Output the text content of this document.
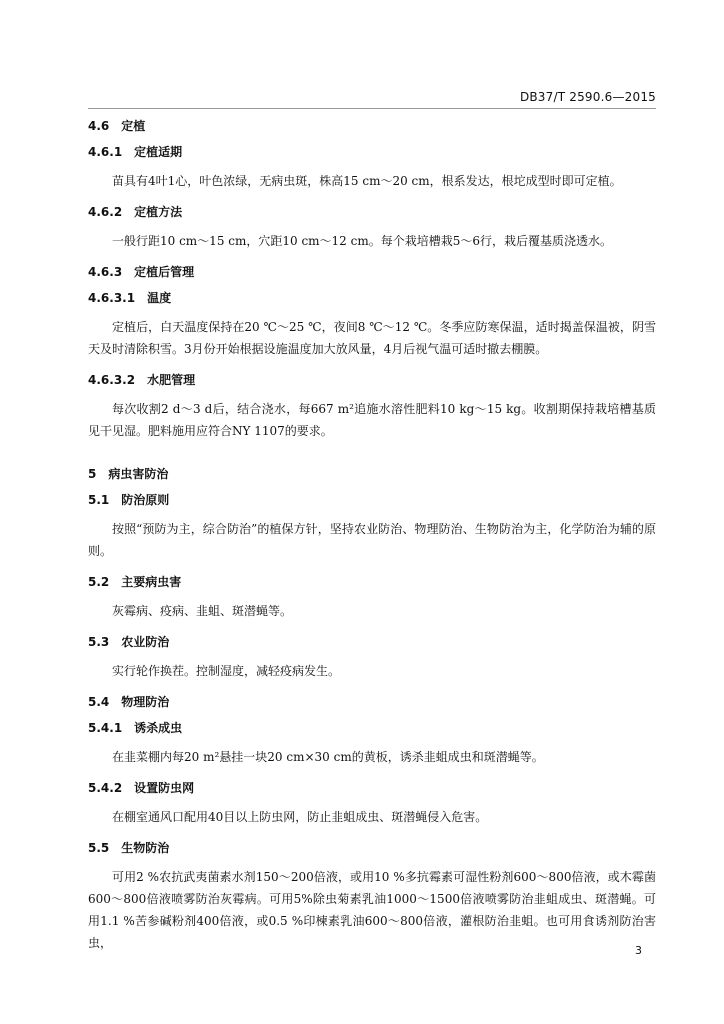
DB37/T 2590.6—2015
4.6 定植
4.6.1 定植适期

苗具有4叶1心，叶色浓绿，无病虫斑，株高15 cm～20 cm，根系发达，根坨成型时即可定植。

4.6.2 定植方法

一般行距10 cm～15 cm，穴距10 cm～12 cm。每个栽培槽栽5～6行，栽后覆基质浇透水。

4.6.3 定植后管理
4.6.3.1 温度

定植后，白天温度保持在20 ℃～25 ℃，夜间8 ℃～12 ℃。冬季应防寒保温，适时揭盖保温被，阴雪天及时清除积雪。3月份开始根据设施温度加大放风量，4月后视气温可适时撤去棚膜。

4.6.3.2 水肥管理

每次收割2 d～3 d后，结合浇水，每667 m²追施水溶性肥料10 kg～15 kg。收割期保持栽培槽基质见干见湿。肥料施用应符合NY 1107的要求。

5 病虫害防治
5.1 防治原则

按照“预防为主，综合防治”的植保方针，坚持农业防治、物理防治、生物防治为主，化学防治为辅的原则。

5.2 主要病虫害

灰霉病、疫病、韭蛆、斑潜蝇等。

5.3 农业防治

实行轮作换茬。控制湿度，减轻疫病发生。

5.4 物理防治
5.4.1 诱杀成虫

在韭菜棚内每20 m²悬挂一块20 cm×30 cm的黄板，诱杀韭蛆成虫和斑潜蝇等。

5.4.2 设置防虫网

在棚室通风口配用40目以上防虫网，防止韭蛆成虫、斑潜蝇侵入危害。

5.5 生物防治

可用2 %农抗武夷菌素水剂150～200倍液，或用10 %多抗霉素可湿性粉剂600～800倍液，或木霉菌600～800倍液喷雾防治灰霉病。可用5%除虫菊素乳油1000～1500倍液喷雾防治韭蛆成虫、斑潜蝇。可用1.1 %苦参碱粉剂400倍液，或0.5 %印楝素乳油600～800倍液，灌根防治韭蛆。也可用食诱剂防治害虫，

3
